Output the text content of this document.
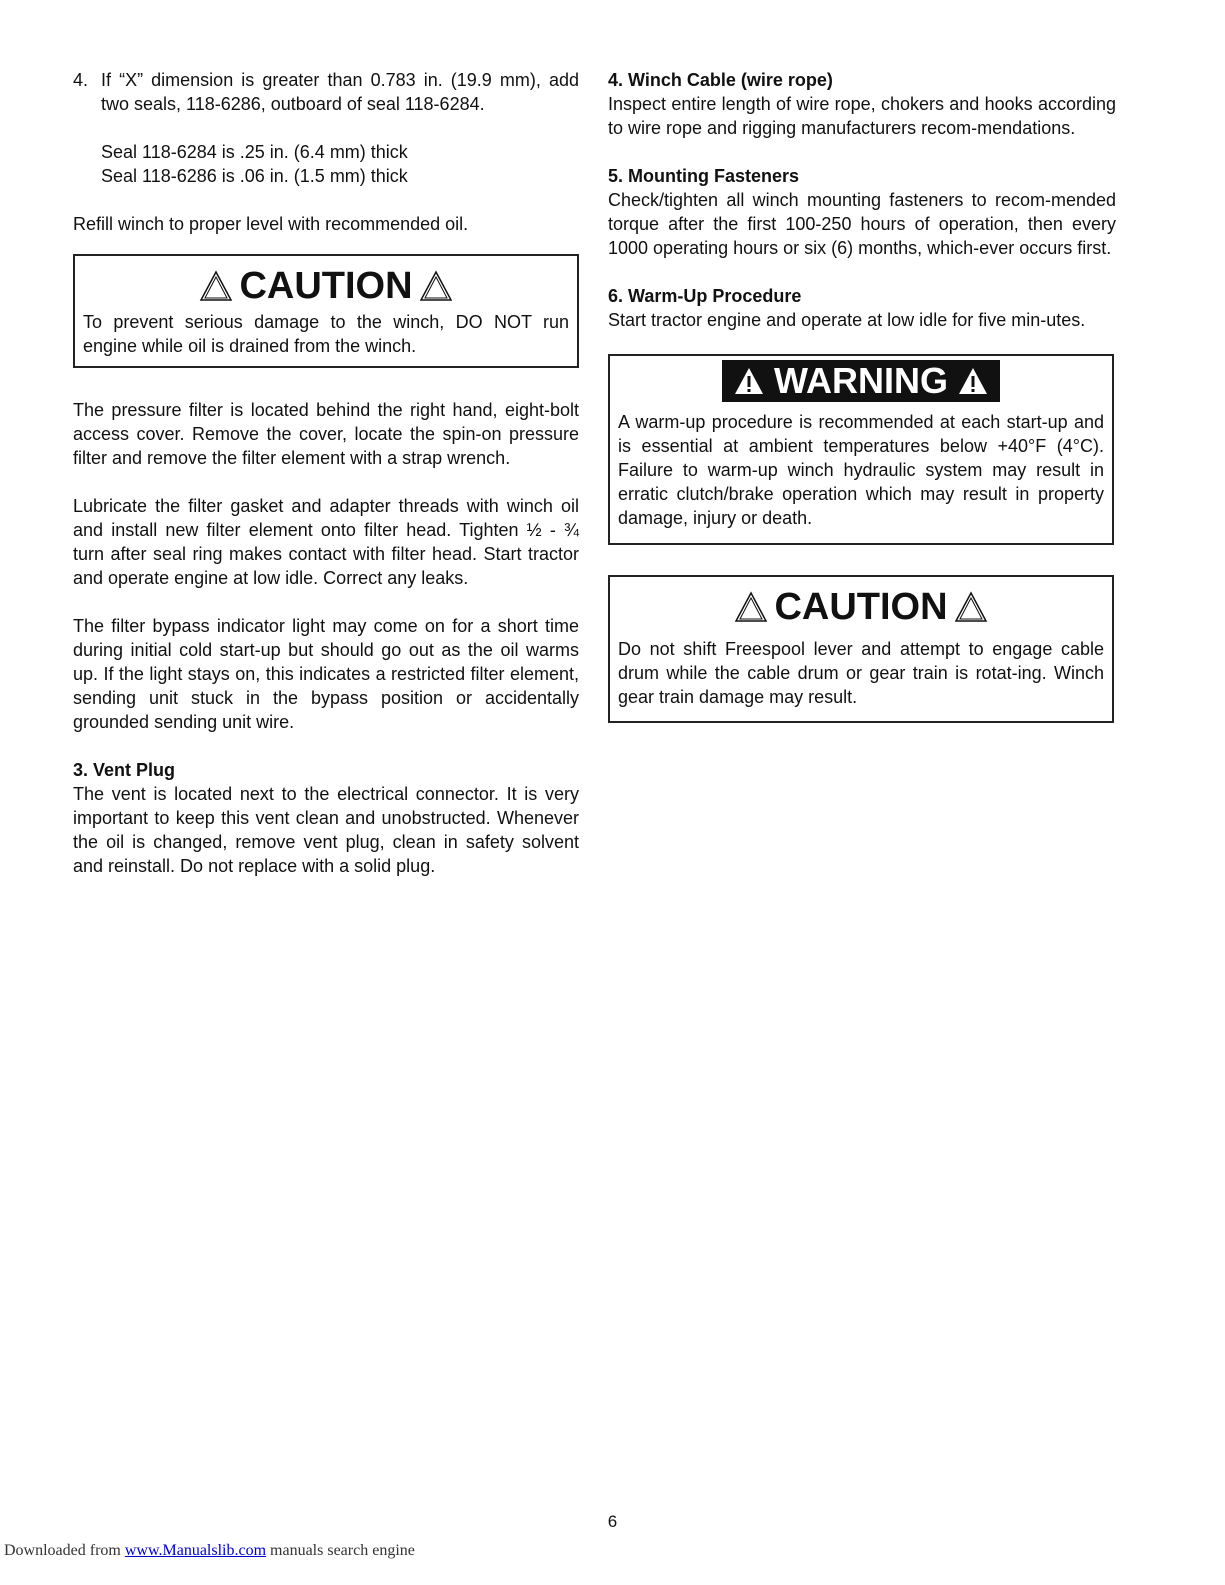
4. If “X” dimension is greater than 0.783 in. (19.9 mm), add two seals, 118-6286, outboard of seal 118-6284.
Seal 118-6284 is .25 in. (6.4 mm) thick
Seal 118-6286 is .06 in. (1.5 mm) thick

Refill winch to proper level with recommended oil.

CAUTION
To prevent serious damage to the winch, DO NOT run engine while oil is drained from the winch.

The pressure filter is located behind the right hand, eight-bolt access cover. Remove the cover, locate the spin-on pressure filter and remove the filter element with a strap wrench.

Lubricate the filter gasket and adapter threads with winch oil and install new filter element onto filter head. Tighten ½ - ¾ turn after seal ring makes contact with filter head. Start tractor and operate engine at low idle. Correct any leaks.

The filter bypass indicator light may come on for a short time during initial cold start-up but should go out as the oil warms up. If the light stays on, this indicates a restricted filter element, sending unit stuck in the bypass position or accidentally grounded sending unit wire.

3. Vent Plug

The vent is located next to the electrical connector. It is very important to keep this vent clean and unobstructed. Whenever the oil is changed, remove vent plug, clean in safety solvent and reinstall. Do not replace with a solid plug.

4. Winch Cable (wire rope)

Inspect entire length of wire rope, chokers and hooks according to wire rope and rigging manufacturers recom-mendations.

5. Mounting Fasteners

Check/tighten all winch mounting fasteners to recom-mended torque after the first 100-250 hours of operation, then every 1000 operating hours or six (6) months, which-ever occurs first.

6. Warm-Up Procedure

Start tractor engine and operate at low idle for five min-utes.

WARNING
A warm-up procedure is recommended at each start-up and is essential at ambient temperatures below +40°F (4°C). Failure to warm-up winch hydraulic system may result in erratic clutch/brake operation which may result in property damage, injury or death.
CAUTION
Do not shift Freespool lever and attempt to engage cable drum while the cable drum or gear train is rotat-ing. Winch gear train damage may result.
6
Downloaded from www.Manualslib.com manuals search engine
